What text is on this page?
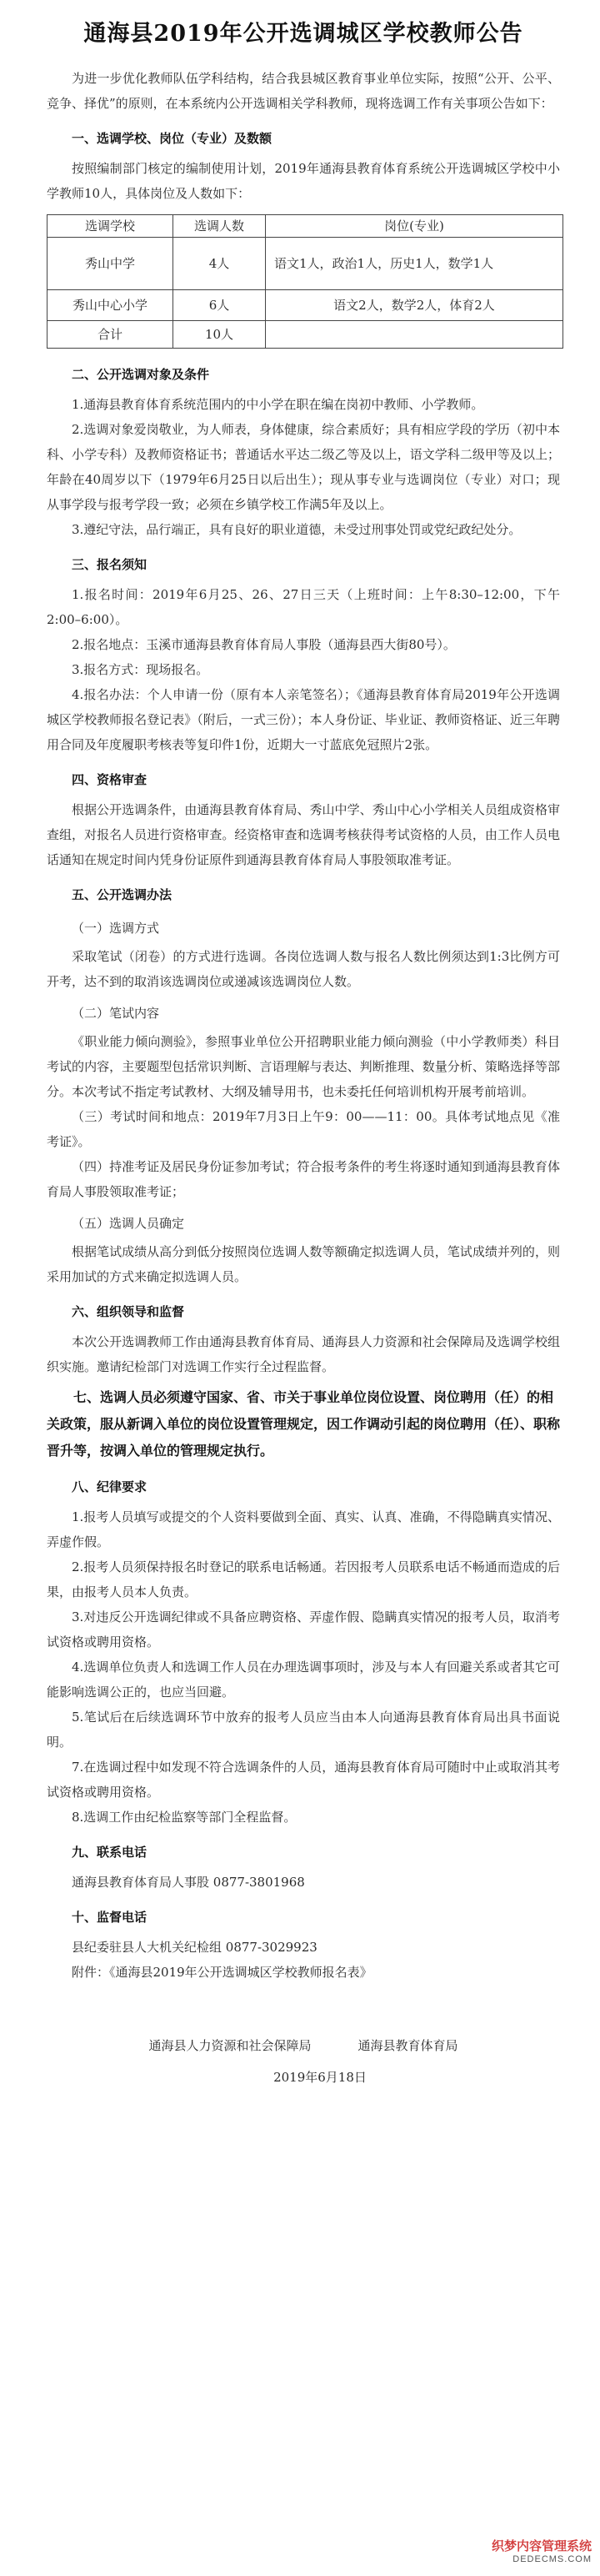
通海县2019年公开选调城区学校教师公告

为进一步优化教师队伍学科结构，结合我县城区教育事业单位实际，按照“公开、公平、竞争、择优”的原则，在本系统内公开选调相关学科教师，现将选调工作有关事项公告如下：

一、选调学校、岗位（专业）及数额

按照编制部门核定的编制使用计划，2019年通海县教育体育系统公开选调城区学校中小学教师10人，具体岗位及人数如下：

选调学校	选调人数	岗位(专业)
秀山中学	4人	语文1人，政治1人，历史1人，数学1人
秀山中心小学	6人	语文2人，数学2人，体育2人
合计	10人	
二、公开选调对象及条件

1.通海县教育体育系统范围内的中小学在职在编在岗初中教师、小学教师。

2.选调对象爱岗敬业，为人师表，身体健康，综合素质好；具有相应学段的学历（初中本科、小学专科）及教师资格证书；普通话水平达二级乙等及以上，语文学科二级甲等及以上；年龄在40周岁以下（1979年6月25日以后出生）；现从事专业与选调岗位（专业）对口；现从事学段与报考学段一致；必须在乡镇学校工作满5年及以上。

3.遵纪守法，品行端正，具有良好的职业道德，未受过刑事处罚或党纪政纪处分。

三、报名须知

1.报名时间：2019年6月25、26、27日三天（上班时间：上午8:30–12:00，下午2:00–6:00）。

2.报名地点：玉溪市通海县教育体育局人事股（通海县西大街80号）。

3.报名方式：现场报名。

4.报名办法：个人申请一份（原有本人亲笔签名）；《通海县教育体育局2019年公开选调城区学校教师报名登记表》（附后，一式三份）；本人身份证、毕业证、教师资格证、近三年聘用合同及年度履职考核表等复印件1份，近期大一寸蓝底免冠照片2张。

四、资格审查

根据公开选调条件，由通海县教育体育局、秀山中学、秀山中心小学相关人员组成资格审查组，对报名人员进行资格审查。经资格审查和选调考核获得考试资格的人员，由工作人员电话通知在规定时间内凭身份证原件到通海县教育体育局人事股领取准考证。

五、公开选调办法
（一）选调方式

采取笔试（闭卷）的方式进行选调。各岗位选调人数与报名人数比例须达到1:3比例方可开考，达不到的取消该选调岗位或递减该选调岗位人数。

（二）笔试内容

《职业能力倾向测验》，参照事业单位公开招聘职业能力倾向测验（中小学教师类）科目考试的内容，主要题型包括常识判断、言语理解与表达、判断推理、数量分析、策略选择等部分。本次考试不指定考试教材、大纲及辅导用书，也未委托任何培训机构开展考前培训。

（三）考试时间和地点：2019年7月3日上午9：00——11：00。具体考试地点见《准考证》。

（四）持准考证及居民身份证参加考试；符合报考条件的考生将逐时通知到通海县教育体育局人事股领取准考证；

（五）选调人员确定

根据笔试成绩从高分到低分按照岗位选调人数等额确定拟选调人员，笔试成绩并列的，则采用加试的方式来确定拟选调人员。

六、组织领导和监督

本次公开选调教师工作由通海县教育体育局、通海县人力资源和社会保障局及选调学校组织实施。邀请纪检部门对选调工作实行全过程监督。

七、选调人员必须遵守国家、省、市关于事业单位岗位设置、岗位聘用（任）的相关政策，服从新调入单位的岗位设置管理规定，因工作调动引起的岗位聘用（任）、职称晋升等，按调入单位的管理规定执行。
八、纪律要求

1.报考人员填写或提交的个人资料要做到全面、真实、认真、准确，不得隐瞒真实情况、弄虚作假。

2.报考人员须保持报名时登记的联系电话畅通。若因报考人员联系电话不畅通而造成的后果，由报考人员本人负责。

3.对违反公开选调纪律或不具备应聘资格、弄虚作假、隐瞒真实情况的报考人员，取消考试资格或聘用资格。

4.选调单位负责人和选调工作人员在办理选调事项时，涉及与本人有回避关系或者其它可能影响选调公正的，也应当回避。

5.笔试后在后续选调环节中放弃的报考人员应当由本人向通海县教育体育局出具书面说明。

7.在选调过程中如发现不符合选调条件的人员，通海县教育体育局可随时中止或取消其考试资格或聘用资格。

8.选调工作由纪检监察等部门全程监督。

九、联系电话

通海县教育体育局人事股 0877-3801968

十、监督电话

县纪委驻县人大机关纪检组 0877-3029923

附件：《通海县2019年公开选调城区学校教师报名表》

通海县人力资源和社会保障局	通海县教育体育局
2019年6月18日
织梦内容管理系统
DEDECMS.COM
